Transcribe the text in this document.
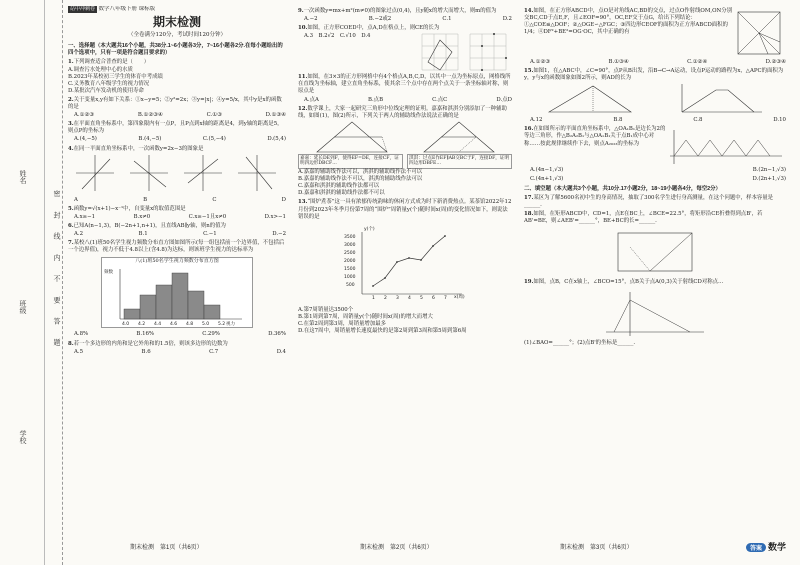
姓名
班级
学校
密 封 线 内 不 要 答 题
站中冲刺卷 数学八年级下册 课标版
期末检测
（全卷满分120分，考试时间120分钟）
一、选择题（本大题共16个小题，共38分.1~6小题各3分，7~16小题各2分.在每小题给出的四个选项中，只有一项是符合题目要求的）
1.下列调查适合普查的是（　　）
A.调查污水处理中心的水质
B.2023年某校初三学生的体育中考成绩
C.义务教育八年级学生的视力情况
D.某批次汽车发动机的使用寿命
2.关于变量x,y有如下关系：①x−y=5；②y²=2x；③y=|x|；④y=5/x，其中y是x的函数的是
A.①②③	B.①②③④	C.①③	D.①③④
3.在平面直角坐标系中，第四象限内有一点P，且P点到x轴的距离是4，到y轴的距离是5，则点P的坐标为
A.(4,−5)	B.(4,−5)	C.(5,−4)	D.(5,4)
4.在同一平面直角坐标系中，一次函数y=2x−3的图象是
A	B	C	D
5.函数y=√(x+1)−x⁻¹中，自变量x的取值范围是
A.x≥−1	B.x≠0	C.x≥−1且x≠0	D.x>−1
6.已知A(n−1,3)，B(−2n+1,n+1)，且直线AB∥y轴，则n的值为
A.2	B.1	C.−1	D.−2
7.某校八(1)班50名学生视力频数分布直方图如图所示(每一组包括前一个边界值，不包括后一个边界值)，视力不低于4.8以上(含4.8)为达标，则该班学生视力的达标率为
八(1)班50名学生视力频数分布直方图
4.0 4.2 4.4 4.6 4.8 5.0 5.2 视力
频数
A.8%	B.16%	C.29%	D.36%
8.若一个多边形的内角和是它外角和的1.5倍，则该多边形的边数为
A.5	B.6	C.7	D.4
期末检测　第1页（共6页）
9.一次函数y=mx+m²(m≠0)的图象过点(0,4)，且y随x的增大而增大，则m的值为
A.−2	B.−2或2	C.1	D.2
10.如图，正方形COED中，点A,D在格点上，则CE的长为
A.3　 B.2√2　 C.√10　 D.4
11.如图，在3×3的正方形网格中有4个格点A,B,C,D，以其中一点为坐标原点，网格线所在直线为坐标轴，建立直角坐标系，使其余三个点中存在两个点关于一条坐标轴对称，则原点是
A.点A	B.点B	C.点C	D.点D
12.数学课上，大家一起研究三角形中位线定理的证明。嘉嘉和淇淇分别添加了一种辅助线，如图(1)，图(2)所示，下列关于两人的辅助线作法说法正确的是
嘉嘉：延长DE到F，使得EF=DE，连接CF，证明四边形DBCF…
淇淇：过点E作EF∥AB交BC于F，连接DF，证明四边形DBFE…
A.嘉嘉的辅助线作法可以，淇淇的辅助线作法不可以
B.嘉嘉的辅助线作法不可以，淇淇的辅助线作法可以
C.嘉嘉和淇淇的辅助线作法都可以
D.嘉嘉和淇淇的辅助线作法都不可以
13.“围炉煮茶”这一具有浓郁传统韵味的休闲方式成为时下新消费热点。某茶馆2022年12月份到2023年冬季月份第7周的“围炉”周销量y(个)随时间x(周)的变化情况如下，则说法错误的是
y(个)
x(周)
3500
3000
2500
2000
1500
1000
500
1 2 3 4 5 6 7
A.第7周销量达3500个
B.第1周到第7周，周销量y(个)随时间x(周)的增大而增大
C.在第2周到第3周，周销量增加最多
D.在这7周中，周销量增长速度最快的是第2周到第3周和第5周到第6周
期末检测　第2页（共6页）
14.如图，在正方形ABCD中，点O是对角线AC,BD的交点，过点O作射线OM,ON分别交BC,CD于点E,F，且∠EOF=90°，OC,EF交于点G，给出下列结论：①△COE≌△DOF；②△OGE∽△FGC；③四边形CEOF的面积为正方形ABCD面积的1/4；④DF²+BE²=OG·OC，其中正确的有
A.①②③	B.①③④	C.①②④	D.②③④
15.如图1，在△ABC中，∠C=90°，点P从B出发，沿B→C→A运动，设点P运动的路程为x，△APC的面积为y，y与x的函数图象如图2所示，则AD的长为
A.12	B.8	C.8	D.10
16.在如图所示的平面直角坐标系中，△OA₁B₁是边长为2的等边三角形，作△B₂A₂B₁与△OA₁B₁关于点B₁成中心对称……按此规律继续作下去，则点A₂₀₂₃的坐标为
A.(4n−1,√3)	B.(2n−1,√3)
C.(4n+1,√3)	D.(2n+1,√3)
二、填空题（本大题共3个小题，共10分.17小题2分，18~19小题各4分，每空2分）
17.某区为了解5600名初中生的身高情况，抽取了300名学生进行身高测量，在这个问题中，样本容量是______.
18.如图，在矩形ABCD中，CD=1，点E在BC上，∠BCE=22.5°，将矩形沿CE折叠得到点B'，若AB'=BE，则∠AEB'=______°，BE+BC的长=______.
19.如图，点B，C在x轴上，∠BCO=15°，点B关于点A(0,3)关于射线CD对称点…
(1)∠BAO=______°；(2)点B'的坐标是______.
期末检测　第3页（共6页）	答案 数学
